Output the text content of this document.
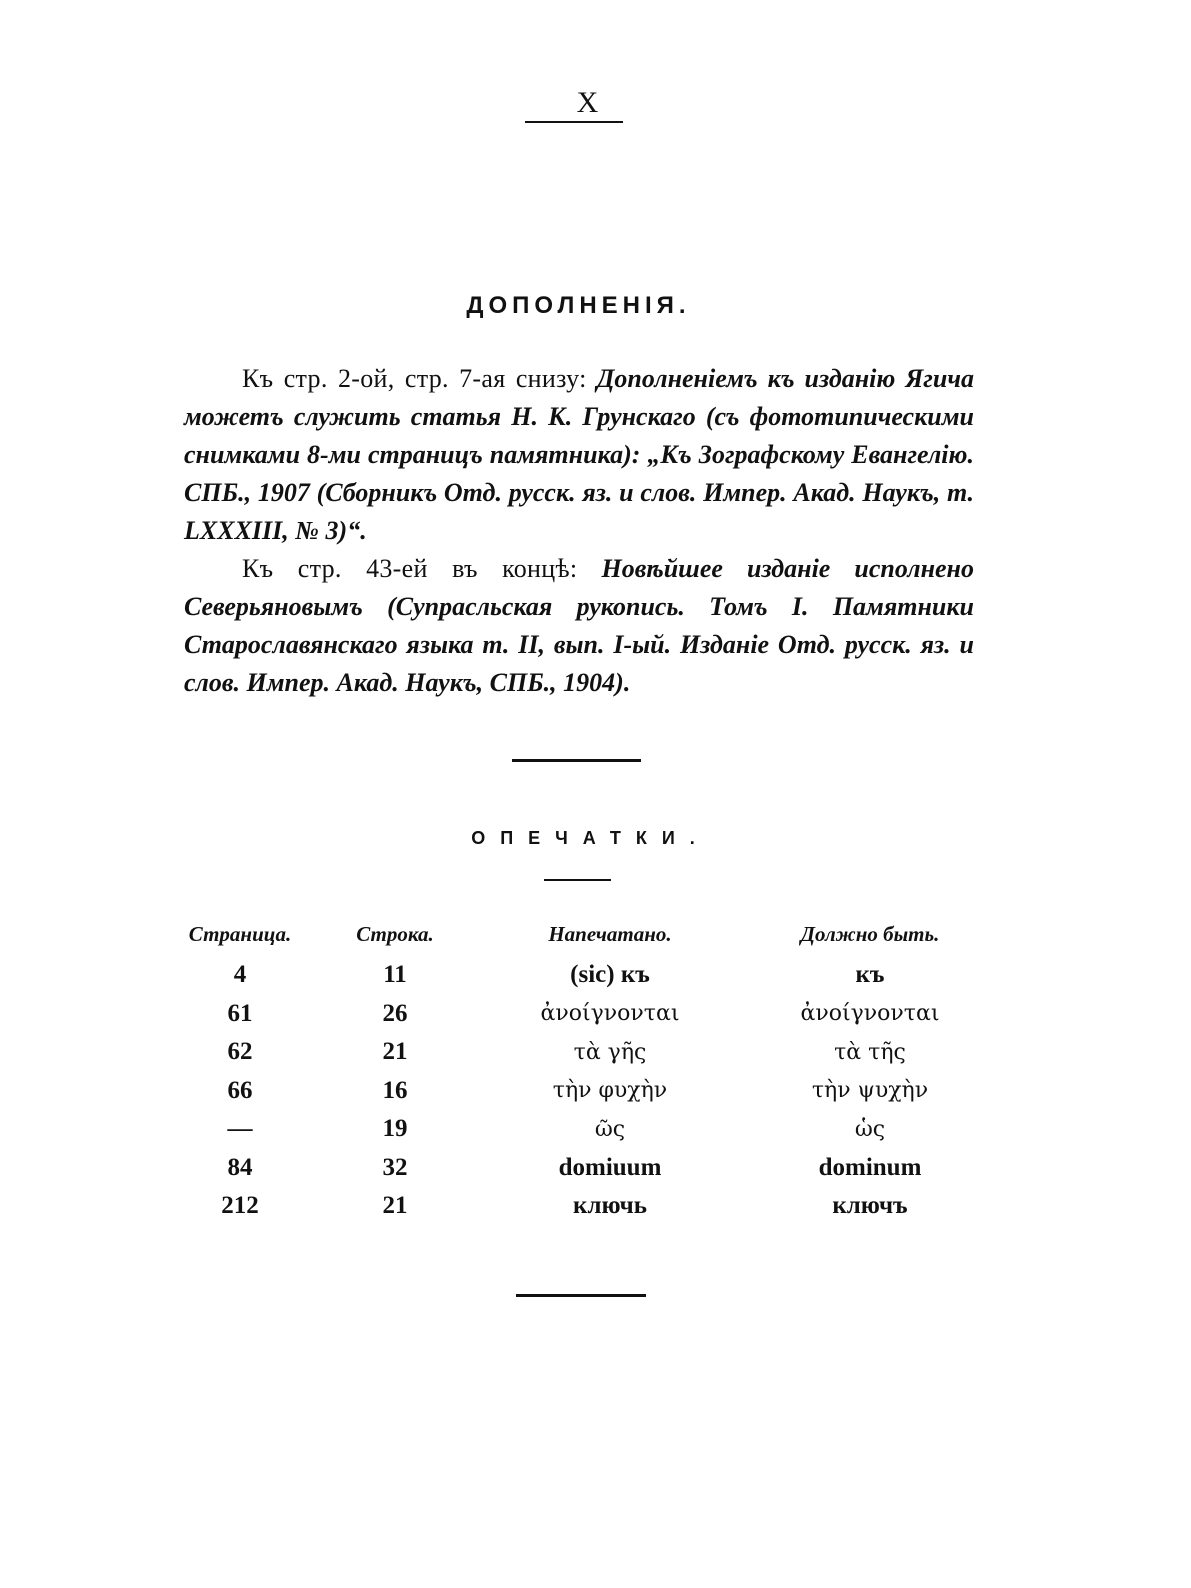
X
ДОПОЛНЕНІЯ.

Къ стр. 2-ой, стр. 7-ая снизу: Дополненіемъ къ изданію Ягича можетъ служить статья Н. К. Грунскаго (съ фототипическими снимками 8-ми страницъ памятника): „Къ Зографскому Евангелію. СПБ., 1907 (Сборникъ Отд. русск. яз. и слов. Импер. Акад. Наукъ, т. LXXXIII, № 3)“.

Къ стр. 43-ей въ концѣ: Новѣйшее изданіе исполнено Северьяновымъ (Супрасльская рукопись. Томъ I. Памятники Старославянскаго языка т. II, вып. I-ый. Изданіе Отд. русск. яз. и слов. Импер. Акад. Наукъ, СПБ., 1904).

ОПЕЧАТКИ.
Страница.	Строка.	Напечатано.	Должно быть.
4	11	(sic) къ	къ
61	26	ἀνοίγνονται	ἀνοίγνονται
62	21	τὰ γῆς	τὰ τῆς
66	16	τὴν φυχὴν	τὴν ψυχὴν
—	19	ῶς	ὡς
84	32	domiuum	dominum
212	21	ключь	ключъ
